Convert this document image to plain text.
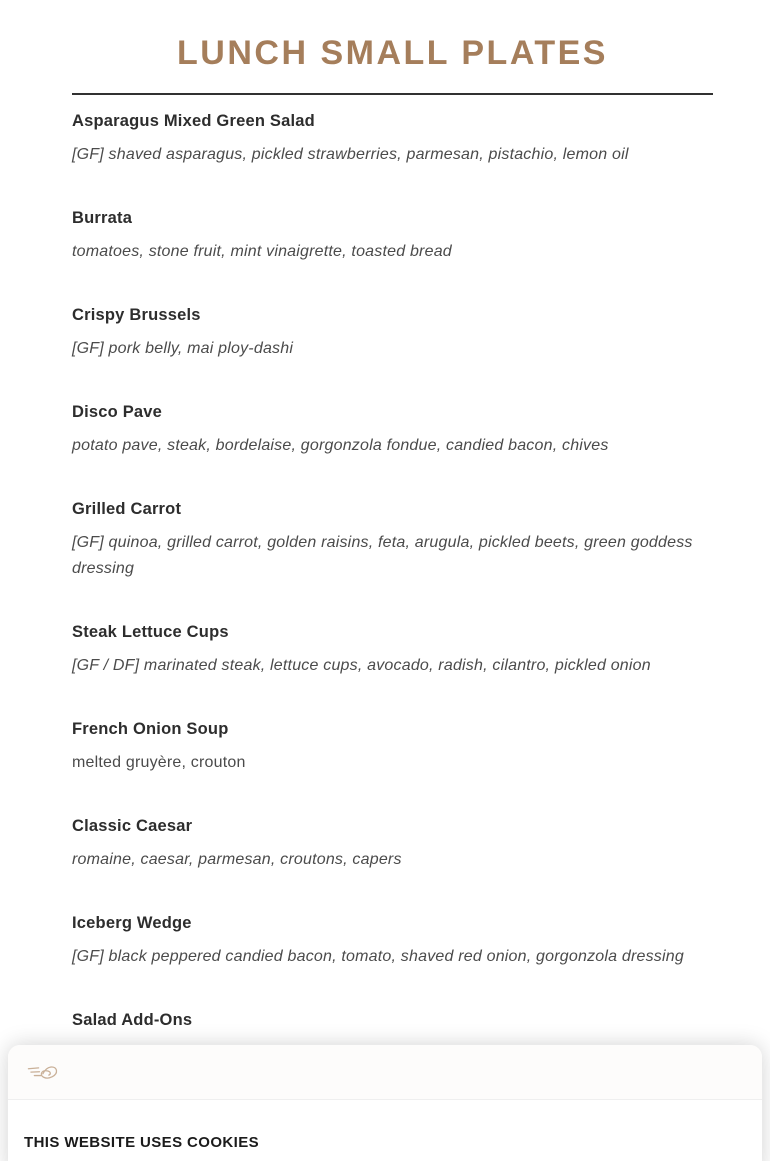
LUNCH SMALL PLATES
Asparagus Mixed Green Salad

[GF] shaved asparagus, pickled strawberries, parmesan, pistachio, lemon oil

Burrata

tomatoes, stone fruit, mint vinaigrette, toasted bread

Crispy Brussels

[GF] pork belly, mai ploy-dashi

Disco Pave

potato pave, steak, bordelaise, gorgonzola fondue, candied bacon, chives

Grilled Carrot

[GF] quinoa, grilled carrot, golden raisins, feta, arugula, pickled beets, green goddess dressing

Steak Lettuce Cups

[GF / DF] marinated steak, lettuce cups, avocado, radish, cilantro, pickled onion

French Onion Soup

melted gruyère, crouton

Classic Caesar

romaine, caesar, parmesan, croutons, capers

Iceberg Wedge

[GF] black peppered candied bacon, tomato, shaved red onion, gorgonzola dressing

Salad Add-Ons
THIS WEBSITE USES COOKIES
